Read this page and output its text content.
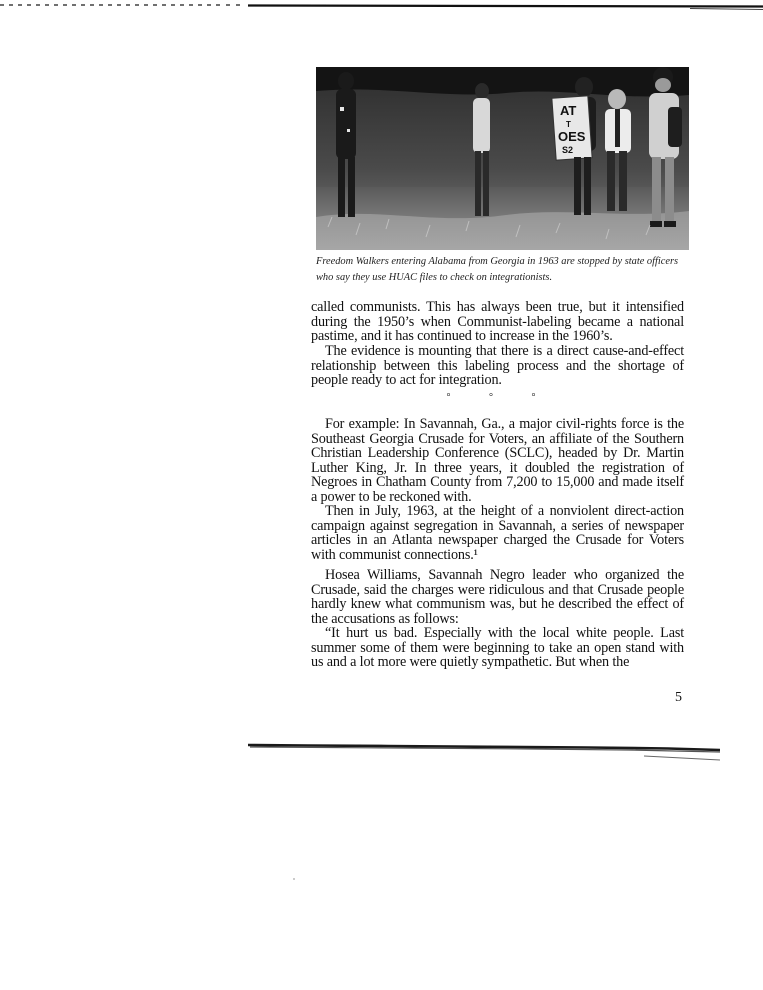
AT
T
OES
S2

Freedom Walkers entering Alabama from Georgia in 1963 are stopped by state officers who say they use HUAC files to check on integrationists.

called communists. This has always been true, but it intensified during the 1950’s when Communist-labeling became a national pastime, and it has continued to increase in the 1960’s.

The evidence is mounting that there is a direct cause-and-effect relationship between this labeling process and the shortage of people ready to act for integration.

° ° °

For example: In Savannah, Ga., a major civil-rights force is the Southeast Georgia Crusade for Voters, an affiliate of the Southern Christian Leadership Conference (SCLC), headed by Dr. Martin Luther King, Jr. In three years, it doubled the registration of Negroes in Chatham County from 7,200 to 15,000 and made itself a power to be reckoned with.

Then in July, 1963, at the height of a nonviolent direct-action campaign against segregation in Savannah, a series of newspaper articles in an Atlanta newspaper charged the Crusade for Voters with communist connections.¹

Hosea Williams, Savannah Negro leader who organized the Crusade, said the charges were ridiculous and that Crusade people hardly knew what communism was, but he described the effect of the accusations as follows:

“It hurt us bad. Especially with the local white people. Last summer some of them were beginning to take an open stand with us and a lot more were quietly sympathetic. But when the

5
